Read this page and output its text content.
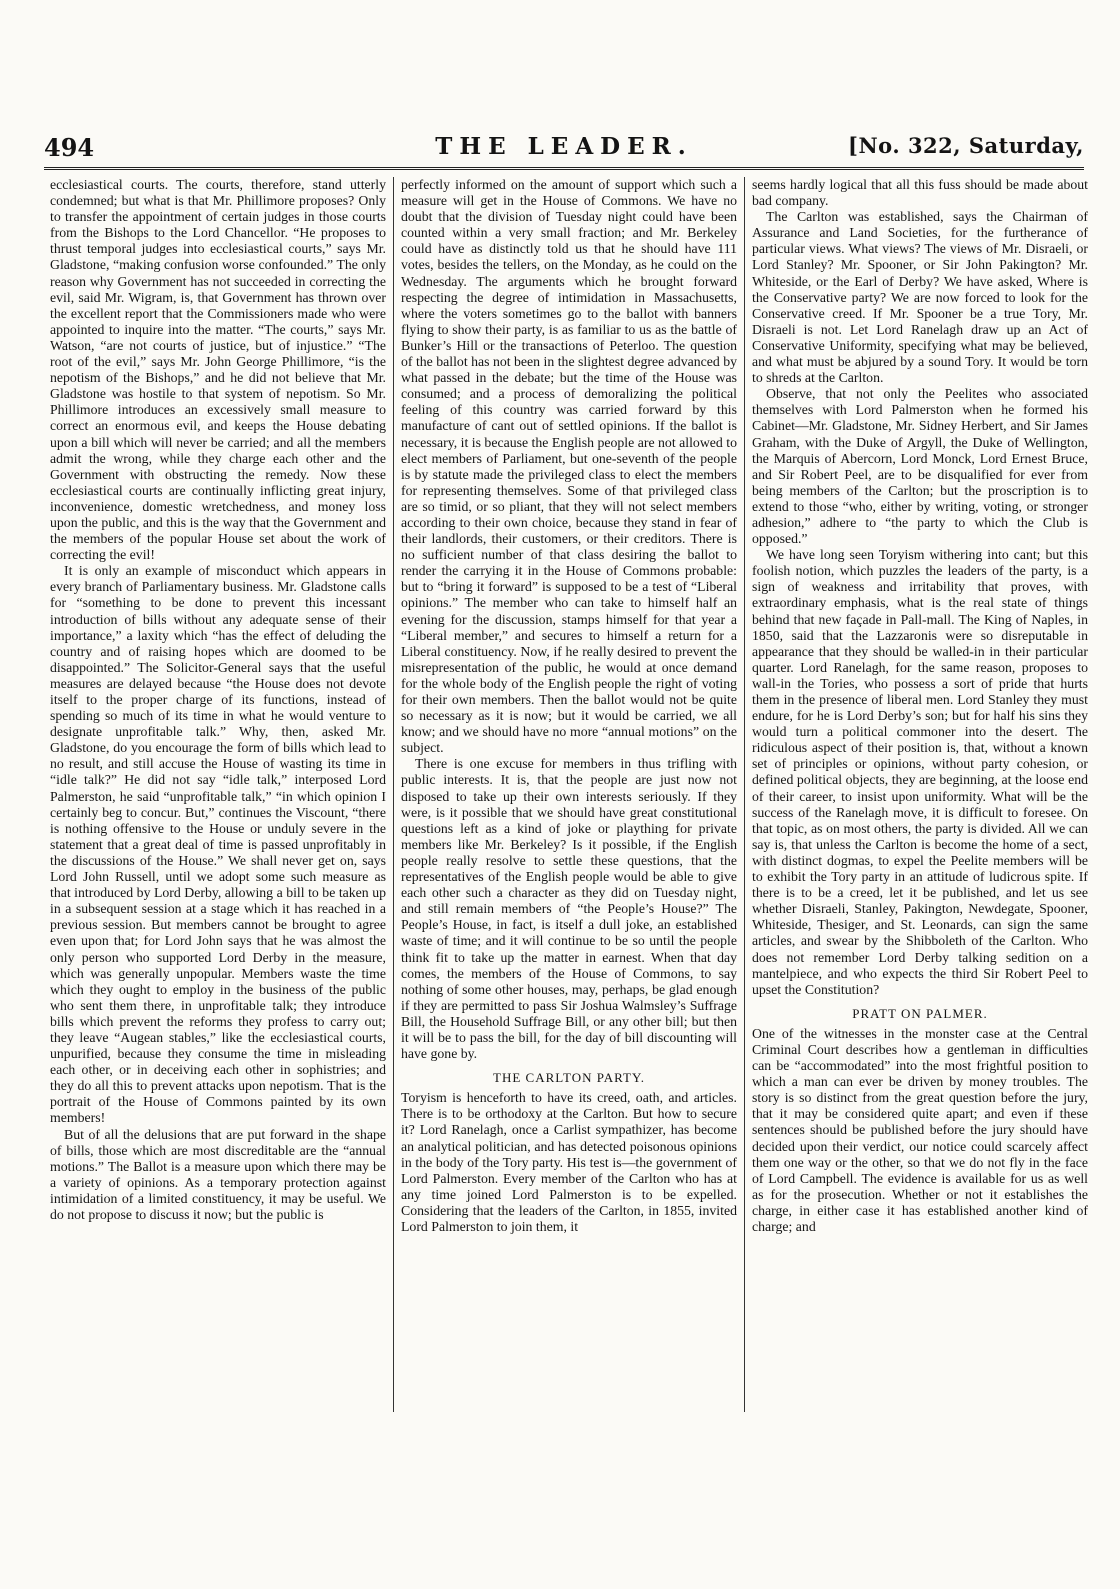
494	THE LEADER.	[No. 322, Saturday,

ecclesiastical courts. The courts, therefore, stand utterly condemned; but what is that Mr. Phillimore proposes? Only to transfer the appointment of certain judges in those courts from the Bishops to the Lord Chancellor. “He proposes to thrust temporal judges into ecclesiastical courts,” says Mr. Gladstone, “making confusion worse confounded.” The only reason why Government has not succeeded in correcting the evil, said Mr. Wigram, is, that Government has thrown over the excellent report that the Commissioners made who were appointed to inquire into the matter. “The courts,” says Mr. Watson, “are not courts of justice, but of injustice.” “The root of the evil,” says Mr. John George Phillimore, “is the nepotism of the Bishops,” and he did not believe that Mr. Gladstone was hostile to that system of nepotism. So Mr. Phillimore introduces an excessively small measure to correct an enormous evil, and keeps the House debating upon a bill which will never be carried; and all the members admit the wrong, while they charge each other and the Government with obstructing the remedy. Now these ecclesiastical courts are continually inflicting great injury, inconvenience, domestic wretchedness, and money loss upon the public, and this is the way that the Government and the members of the popular House set about the work of correcting the evil!

It is only an example of misconduct which appears in every branch of Parliamentary business. Mr. Gladstone calls for “something to be done to prevent this incessant introduction of bills without any adequate sense of their importance,” a laxity which “has the effect of deluding the country and of raising hopes which are doomed to be disappointed.” The Solicitor-General says that the useful measures are delayed because “the House does not devote itself to the proper charge of its functions, instead of spending so much of its time in what he would venture to designate unprofitable talk.” Why, then, asked Mr. Gladstone, do you encourage the form of bills which lead to no result, and still accuse the House of wasting its time in “idle talk?” He did not say “idle talk,” interposed Lord Palmerston, he said “unprofitable talk,” “in which opinion I certainly beg to concur. But,” continues the Viscount, “there is nothing offensive to the House or unduly severe in the statement that a great deal of time is passed unprofitably in the discussions of the House.” We shall never get on, says Lord John Russell, until we adopt some such measure as that introduced by Lord Derby, allowing a bill to be taken up in a subsequent session at a stage which it has reached in a previous session. But members cannot be brought to agree even upon that; for Lord John says that he was almost the only person who supported Lord Derby in the measure, which was generally unpopular. Members waste the time which they ought to employ in the business of the public who sent them there, in unprofitable talk; they introduce bills which prevent the reforms they profess to carry out; they leave “Augean stables,” like the ecclesiastical courts, unpurified, because they consume the time in misleading each other, or in deceiving each other in sophistries; and they do all this to prevent attacks upon nepotism. That is the portrait of the House of Commons painted by its own members!

But of all the delusions that are put forward in the shape of bills, those which are most discreditable are the “annual motions.” The Ballot is a measure upon which there may be a variety of opinions. As a temporary protection against intimidation of a limited constituency, it may be useful. We do not propose to discuss it now; but the public is

perfectly informed on the amount of support which such a measure will get in the House of Commons. We have no doubt that the division of Tuesday night could have been counted within a very small fraction; and Mr. Berkeley could have as distinctly told us that he should have 111 votes, besides the tellers, on the Monday, as he could on the Wednesday. The arguments which he brought forward respecting the degree of intimidation in Massachusetts, where the voters sometimes go to the ballot with banners flying to show their party, is as familiar to us as the battle of Bunker’s Hill or the transactions of Peterloo. The question of the ballot has not been in the slightest degree advanced by what passed in the debate; but the time of the House was consumed; and a process of demoralizing the political feeling of this country was carried forward by this manufacture of cant out of settled opinions. If the ballot is necessary, it is because the English people are not allowed to elect members of Parliament, but one-seventh of the people is by statute made the privileged class to elect the members for representing themselves. Some of that privileged class are so timid, or so pliant, that they will not select members according to their own choice, because they stand in fear of their landlords, their customers, or their creditors. There is no sufficient number of that class desiring the ballot to render the carrying it in the House of Commons probable: but to “bring it forward” is supposed to be a test of “Liberal opinions.” The member who can take to himself half an evening for the discussion, stamps himself for that year a “Liberal member,” and secures to himself a return for a Liberal constituency. Now, if he really desired to prevent the misrepresentation of the public, he would at once demand for the whole body of the English people the right of voting for their own members. Then the ballot would not be quite so necessary as it is now; but it would be carried, we all know; and we should have no more “annual motions” on the subject.

There is one excuse for members in thus trifling with public interests. It is, that the people are just now not disposed to take up their own interests seriously. If they were, is it possible that we should have great constitutional questions left as a kind of joke or plaything for private members like Mr. Berkeley? Is it possible, if the English people really resolve to settle these questions, that the representatives of the English people would be able to give each other such a character as they did on Tuesday night, and still remain members of “the People’s House?” The People’s House, in fact, is itself a dull joke, an established waste of time; and it will continue to be so until the people think fit to take up the matter in earnest. When that day comes, the members of the House of Commons, to say nothing of some other houses, may, perhaps, be glad enough if they are permitted to pass Sir Joshua Walmsley’s Suffrage Bill, the Household Suffrage Bill, or any other bill; but then it will be to pass the bill, for the day of bill discounting will have gone by.

THE CARLTON PARTY.

Toryism is henceforth to have its creed, oath, and articles. There is to be orthodoxy at the Carlton. But how to secure it? Lord Ranelagh, once a Carlist sympathizer, has become an analytical politician, and has detected poisonous opinions in the body of the Tory party. His test is—the government of Lord Palmerston. Every member of the Carlton who has at any time joined Lord Palmerston is to be expelled. Considering that the leaders of the Carlton, in 1855, invited Lord Palmerston to join them, it

seems hardly logical that all this fuss should be made about bad company.

The Carlton was established, says the Chairman of Assurance and Land Societies, for the furtherance of particular views. What views? The views of Mr. Disraeli, or Lord Stanley? Mr. Spooner, or Sir John Pakington? Mr. Whiteside, or the Earl of Derby? We have asked, Where is the Conservative party? We are now forced to look for the Conservative creed. If Mr. Spooner be a true Tory, Mr. Disraeli is not. Let Lord Ranelagh draw up an Act of Conservative Uniformity, specifying what may be believed, and what must be abjured by a sound Tory. It would be torn to shreds at the Carlton.

Observe, that not only the Peelites who associated themselves with Lord Palmerston when he formed his Cabinet—Mr. Gladstone, Mr. Sidney Herbert, and Sir James Graham, with the Duke of Argyll, the Duke of Wellington, the Marquis of Abercorn, Lord Monck, Lord Ernest Bruce, and Sir Robert Peel, are to be disqualified for ever from being members of the Carlton; but the proscription is to extend to those “who, either by writing, voting, or stronger adhesion,” adhere to “the party to which the Club is opposed.”

We have long seen Toryism withering into cant; but this foolish notion, which puzzles the leaders of the party, is a sign of weakness and irritability that proves, with extraordinary emphasis, what is the real state of things behind that new façade in Pall-mall. The King of Naples, in 1850, said that the Lazzaronis were so disreputable in appearance that they should be walled-in in their particular quarter. Lord Ranelagh, for the same reason, proposes to wall-in the Tories, who possess a sort of pride that hurts them in the presence of liberal men. Lord Stanley they must endure, for he is Lord Derby’s son; but for half his sins they would turn a political commoner into the desert. The ridiculous aspect of their position is, that, without a known set of principles or opinions, without party cohesion, or defined political objects, they are beginning, at the loose end of their career, to insist upon uniformity. What will be the success of the Ranelagh move, it is difficult to foresee. On that topic, as on most others, the party is divided. All we can say is, that unless the Carlton is become the home of a sect, with distinct dogmas, to expel the Peelite members will be to exhibit the Tory party in an attitude of ludicrous spite. If there is to be a creed, let it be published, and let us see whether Disraeli, Stanley, Pakington, Newdegate, Spooner, Whiteside, Thesiger, and St. Leonards, can sign the same articles, and swear by the Shibboleth of the Carlton. Who does not remember Lord Derby talking sedition on a mantelpiece, and who expects the third Sir Robert Peel to upset the Constitution?

PRATT ON PALMER.

One of the witnesses in the monster case at the Central Criminal Court describes how a gentleman in difficulties can be “accommodated” into the most frightful position to which a man can ever be driven by money troubles. The story is so distinct from the great question before the jury, that it may be considered quite apart; and even if these sentences should be published before the jury should have decided upon their verdict, our notice could scarcely affect them one way or the other, so that we do not fly in the face of Lord Campbell. The evidence is available for us as well as for the prosecution. Whether or not it establishes the charge, in either case it has established another kind of charge; and
